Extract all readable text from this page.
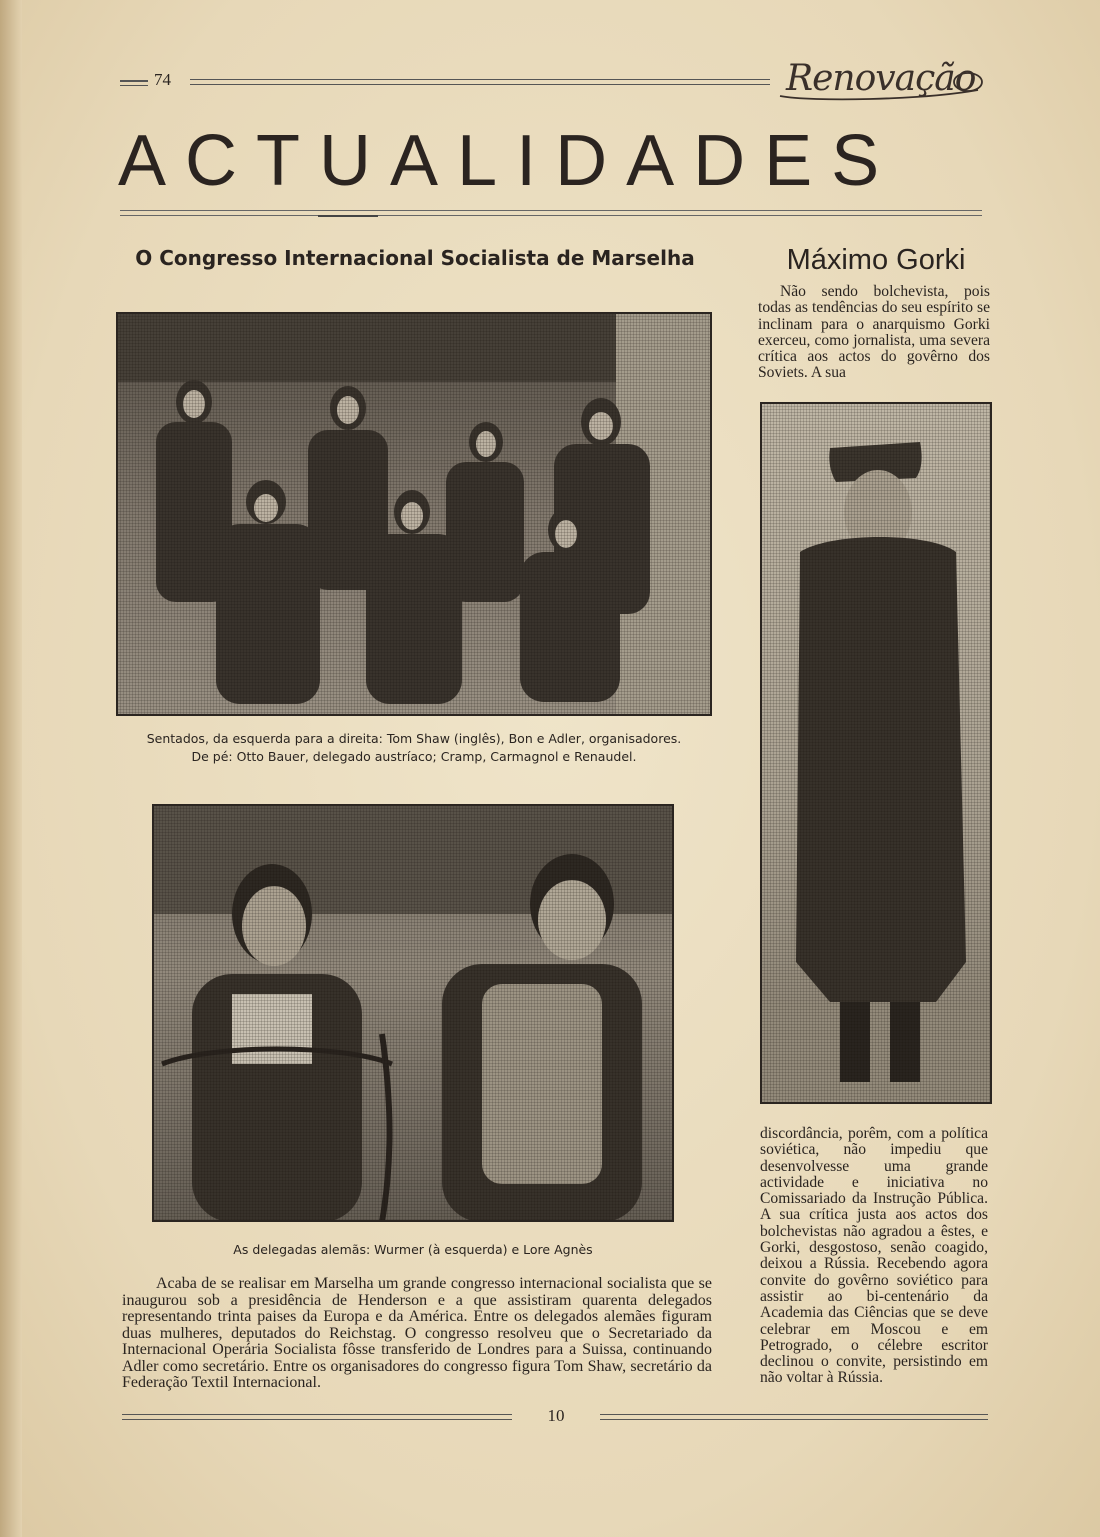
74	Renovação
ACTUALIDADES
O Congresso Internacional Socialista de Marselha
Sentados, da esquerda para a direita: Tom Shaw (inglês), Bon e Adler, organisadores.
De pé: Otto Bauer, delegado austríaco; Cramp, Carmagnol e Renaudel.
As delegadas alemãs: Wurmer (à esquerda) e Lore Agnès
Acaba de se realisar em Marselha um grande congresso internacional socialista que se inaugurou sob a presidência de Henderson e a que assistiram quarenta delegados representando trinta paises da Europa e da América. Entre os delegados alemães figuram duas mulheres, deputados do Reichstag. O congresso resolveu que o Secretariado da Internacional Operária Socialista fôsse transferido de Londres para a Suissa, continuando Adler como secretário. Entre os organisadores do congresso figura Tom Shaw, secretário da Federação Textil Internacional.
Máximo Gorki
Não sendo bolchevista, pois todas as tendências do seu espírito se inclinam para o anarquismo Gorki exerceu, como jornalista, uma severa crítica aos actos do govêrno dos Soviets. A sua
discordância, porêm, com a política soviética, não impediu que desenvolvesse uma grande actividade e iniciativa no Comissariado da Instrução Pública. A sua crítica justa aos actos dos bolchevistas não agradou a êstes, e Gorki, desgostoso, senão coagido, deixou a Rússia. Recebendo agora convite do govêrno soviético para assistir ao bi-centenário da Academia das Ciências que se deve celebrar em Moscou e em Petrogrado, o célebre escritor declinou o convite, persistindo em não voltar à Rússia.
10
